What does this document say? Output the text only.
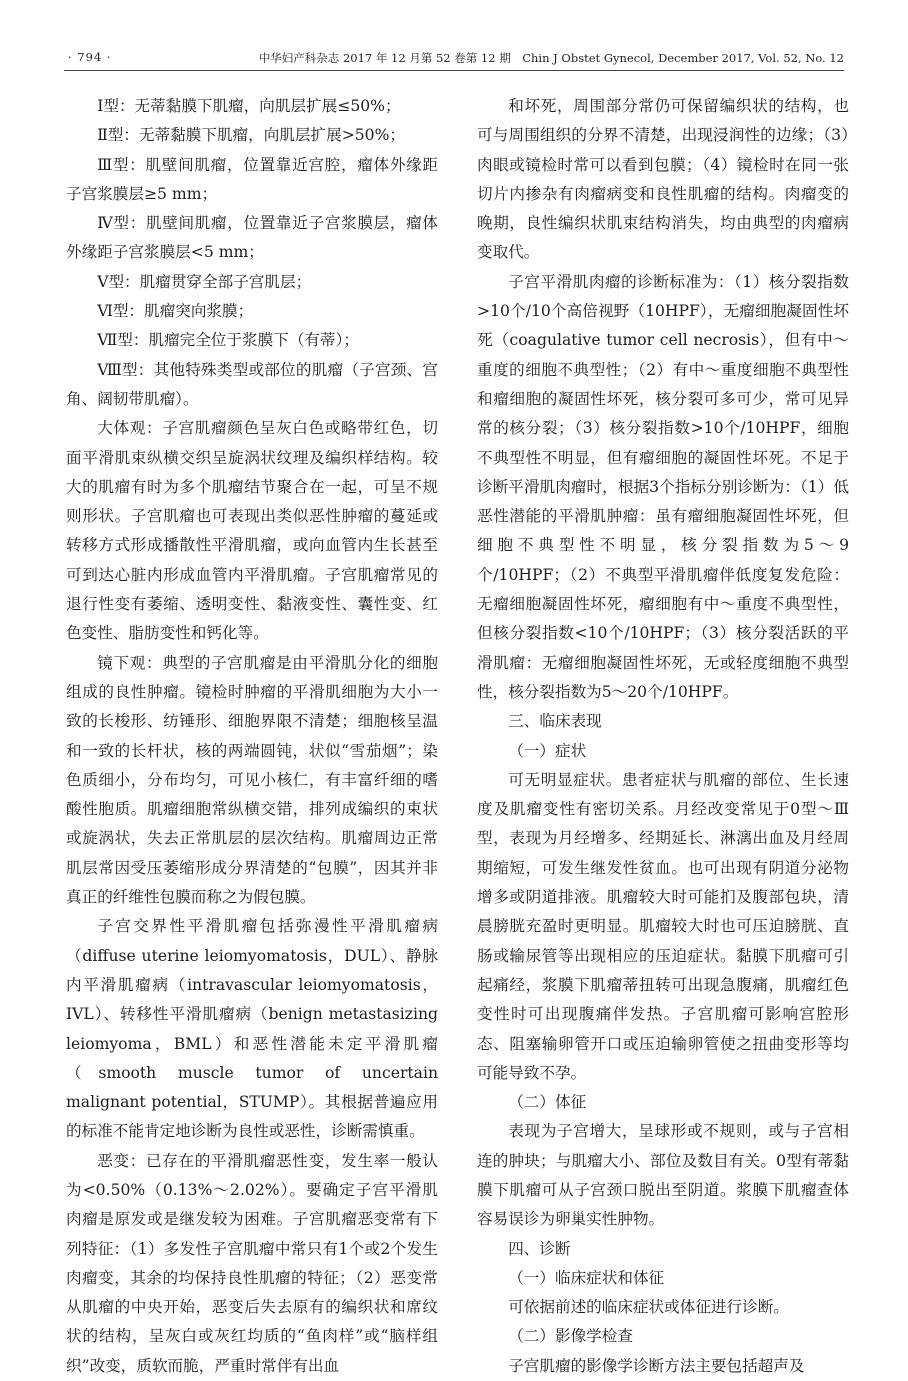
· 794 ·	中华妇产科杂志 2017 年 12 月第 52 卷第 12 期　Chin J Obstet Gynecol, December 2017, Vol. 52, No. 12

Ⅰ型：无蒂黏膜下肌瘤，向肌层扩展≤50%；

Ⅱ型：无蒂黏膜下肌瘤，向肌层扩展>50%；

Ⅲ型：肌壁间肌瘤，位置靠近宫腔，瘤体外缘距子宫浆膜层≥5 mm；

Ⅳ型：肌壁间肌瘤，位置靠近子宫浆膜层，瘤体外缘距子宫浆膜层<5 mm；

Ⅴ型：肌瘤贯穿全部子宫肌层；

Ⅵ型：肌瘤突向浆膜；

Ⅶ型：肌瘤完全位于浆膜下（有蒂）；

Ⅷ型：其他特殊类型或部位的肌瘤（子宫颈、宫角、阔韧带肌瘤）。

大体观：子宫肌瘤颜色呈灰白色或略带红色，切面平滑肌束纵横交织呈旋涡状纹理及编织样结构。较大的肌瘤有时为多个肌瘤结节聚合在一起，可呈不规则形状。子宫肌瘤也可表现出类似恶性肿瘤的蔓延或转移方式形成播散性平滑肌瘤，或向血管内生长甚至可到达心脏内形成血管内平滑肌瘤。子宫肌瘤常见的退行性变有萎缩、透明变性、黏液变性、囊性变、红色变性、脂肪变性和钙化等。

镜下观：典型的子宫肌瘤是由平滑肌分化的细胞组成的良性肿瘤。镜检时肿瘤的平滑肌细胞为大小一致的长梭形、纺锤形、细胞界限不清楚；细胞核呈温和一致的长杆状，核的两端圆钝，状似“雪茄烟”；染色质细小，分布均匀，可见小核仁，有丰富纤细的嗜酸性胞质。肌瘤细胞常纵横交错，排列成编织的束状或旋涡状，失去正常肌层的层次结构。肌瘤周边正常肌层常因受压萎缩形成分界清楚的“包膜”，因其并非真正的纤维性包膜而称之为假包膜。

子宫交界性平滑肌瘤包括弥漫性平滑肌瘤病（diffuse uterine leiomyomatosis，DUL）、静脉内平滑肌瘤病（intravascular leiomyomatosis，IVL）、转移性平滑肌瘤病（benign metastasizing leiomyoma，BML）和恶性潜能未定平滑肌瘤（smooth muscle tumor of uncertain malignant potential，STUMP）。其根据普遍应用的标准不能肯定地诊断为良性或恶性，诊断需慎重。

恶变：已存在的平滑肌瘤恶性变，发生率一般认为<0.50%（0.13%～2.02%）。要确定子宫平滑肌肉瘤是原发或是继发较为困难。子宫肌瘤恶变常有下列特征：（1）多发性子宫肌瘤中常只有1个或2个发生肉瘤变，其余的均保持良性肌瘤的特征；（2）恶变常从肌瘤的中央开始，恶变后失去原有的编织状和席纹状的结构，呈灰白或灰红均质的“鱼肉样”或“脑样组织”改变，质软而脆，严重时常伴有出血

和坏死，周围部分常仍可保留编织状的结构，也可与周围组织的分界不清楚，出现浸润性的边缘；（3）肉眼或镜检时常可以看到包膜；（4）镜检时在同一张切片内掺杂有肉瘤病变和良性肌瘤的结构。肉瘤变的晚期，良性编织状肌束结构消失，均由典型的肉瘤病变取代。

子宫平滑肌肉瘤的诊断标准为：（1）核分裂指数>10个/10个高倍视野（10HPF），无瘤细胞凝固性坏死（coagulative tumor cell necrosis），但有中～重度的细胞不典型性；（2）有中～重度细胞不典型性和瘤细胞的凝固性坏死，核分裂可多可少，常可见异常的核分裂；（3）核分裂指数>10个/10HPF，细胞不典型性不明显，但有瘤细胞的凝固性坏死。不足于诊断平滑肌肉瘤时，根据3个指标分别诊断为：（1）低恶性潜能的平滑肌肿瘤：虽有瘤细胞凝固性坏死，但细胞不典型性不明显，核分裂指数为5～9个/10HPF；（2）不典型平滑肌瘤伴低度复发危险：无瘤细胞凝固性坏死，瘤细胞有中～重度不典型性，但核分裂指数<10个/10HPF；（3）核分裂活跃的平滑肌瘤：无瘤细胞凝固性坏死，无或轻度细胞不典型性，核分裂指数为5～20个/10HPF。

三、临床表现

（一）症状

可无明显症状。患者症状与肌瘤的部位、生长速度及肌瘤变性有密切关系。月经改变常见于0型～Ⅲ型，表现为月经增多、经期延长、淋漓出血及月经周期缩短，可发生继发性贫血。也可出现有阴道分泌物增多或阴道排液。肌瘤较大时可能扪及腹部包块，清晨膀胱充盈时更明显。肌瘤较大时也可压迫膀胱、直肠或输尿管等出现相应的压迫症状。黏膜下肌瘤可引起痛经，浆膜下肌瘤蒂扭转可出现急腹痛，肌瘤红色变性时可出现腹痛伴发热。子宫肌瘤可影响宫腔形态、阻塞输卵管开口或压迫输卵管使之扭曲变形等均可能导致不孕。

（二）体征

表现为子宫增大，呈球形或不规则，或与子宫相连的肿块；与肌瘤大小、部位及数目有关。0型有蒂黏膜下肌瘤可从子宫颈口脱出至阴道。浆膜下肌瘤查体容易误诊为卵巢实性肿物。

四、诊断

（一）临床症状和体征

可依据前述的临床症状或体征进行诊断。

（二）影像学检查

子宫肌瘤的影像学诊断方法主要包括超声及
